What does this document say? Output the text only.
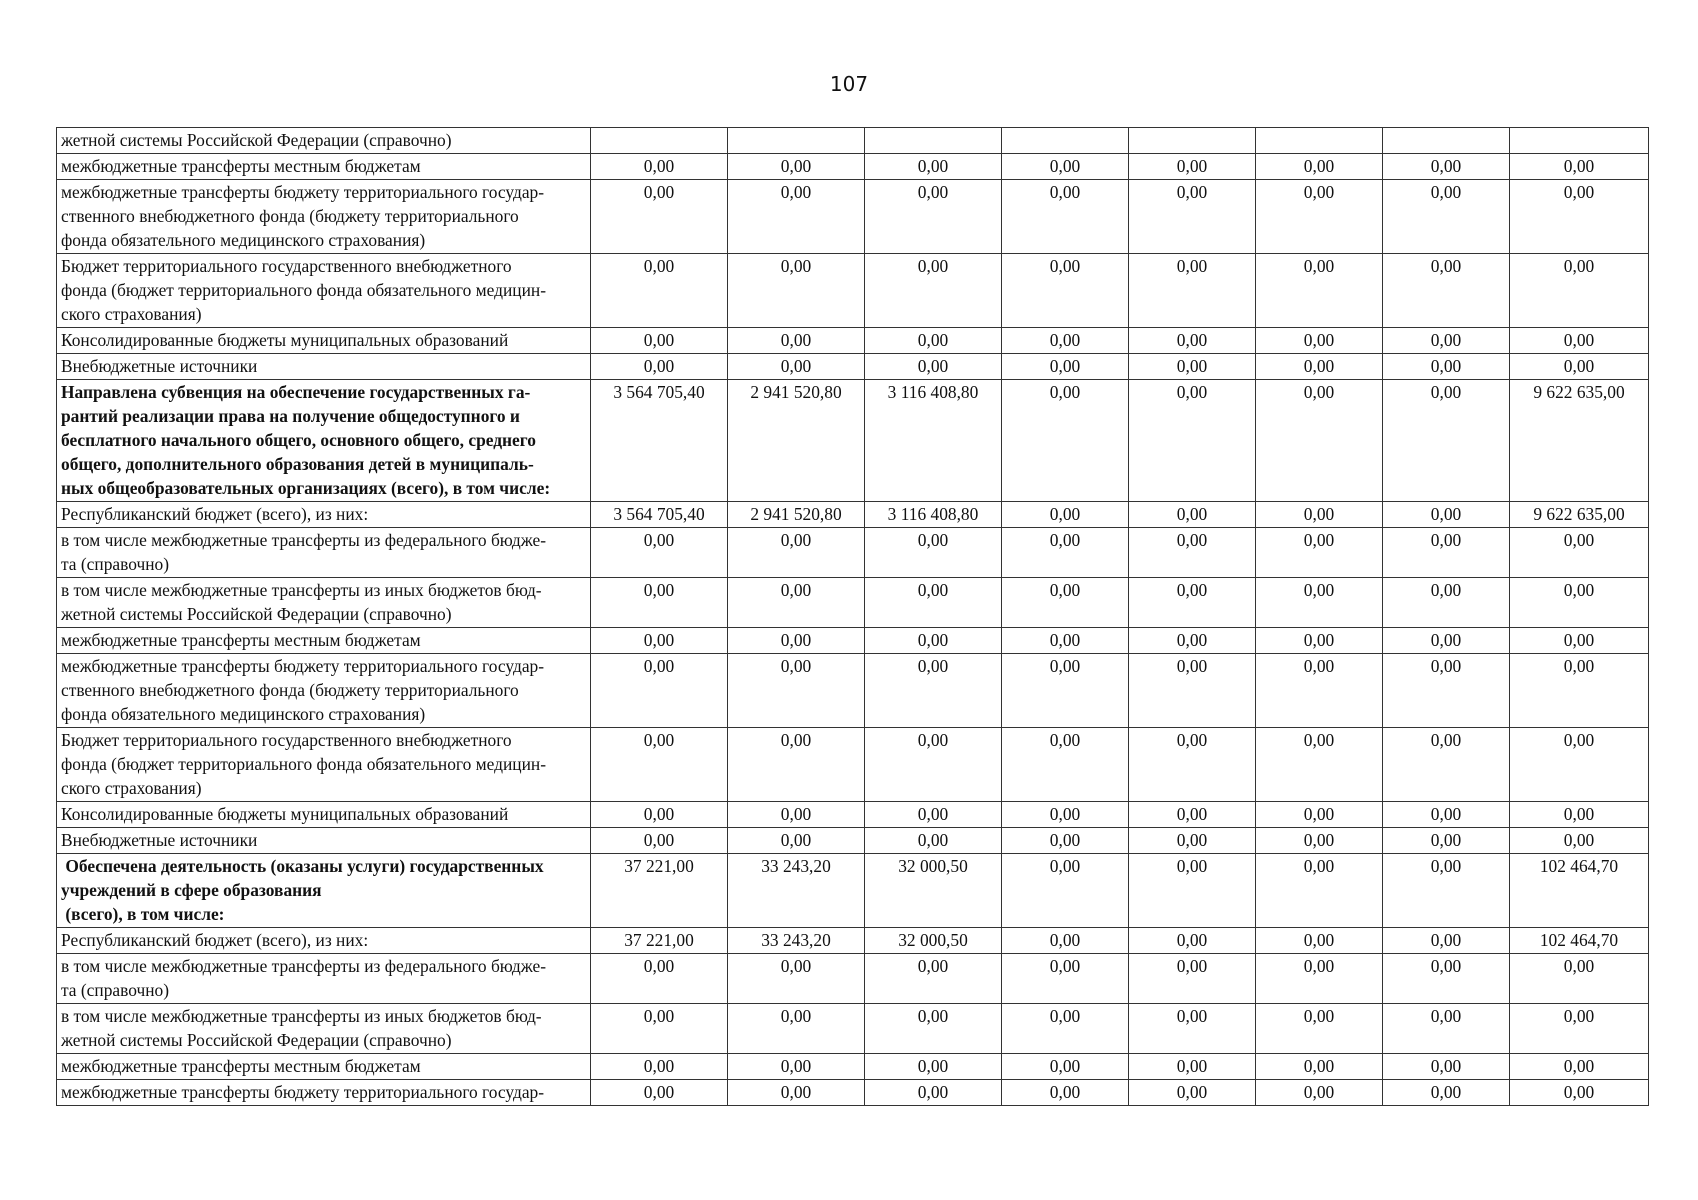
107
жетной системы Российской Федерации (справочно)								
межбюджетные трансферты местным бюджетам	0,00	0,00	0,00	0,00	0,00	0,00	0,00	0,00
межбюджетные трансферты бюджету территориального государ-
ственного внебюджетного фонда (бюджету территориального
фонда обязательного медицинского страхования)	0,00	0,00	0,00	0,00	0,00	0,00	0,00	0,00
Бюджет территориального государственного внебюджетного
фонда (бюджет территориального фонда обязательного медицин-
ского страхования)	0,00	0,00	0,00	0,00	0,00	0,00	0,00	0,00
Консолидированные бюджеты муниципальных образований	0,00	0,00	0,00	0,00	0,00	0,00	0,00	0,00
Внебюджетные источники	0,00	0,00	0,00	0,00	0,00	0,00	0,00	0,00
Направлена субвенция на обеспечение государственных га-
рантий реализации права на получение общедоступного и
бесплатного начального общего, основного общего, среднего
общего, дополнительного образования детей в муниципаль-
ных общеобразовательных организациях (всего), в том числе:	3 564 705,40	2 941 520,80	3 116 408,80	0,00	0,00	0,00	0,00	9 622 635,00
Республиканский бюджет (всего), из них:	3 564 705,40	2 941 520,80	3 116 408,80	0,00	0,00	0,00	0,00	9 622 635,00
в том числе межбюджетные трансферты из федерального бюдже-
та (справочно)	0,00	0,00	0,00	0,00	0,00	0,00	0,00	0,00
в том числе межбюджетные трансферты из иных бюджетов бюд-
жетной системы Российской Федерации (справочно)	0,00	0,00	0,00	0,00	0,00	0,00	0,00	0,00
межбюджетные трансферты местным бюджетам	0,00	0,00	0,00	0,00	0,00	0,00	0,00	0,00
межбюджетные трансферты бюджету территориального государ-
ственного внебюджетного фонда (бюджету территориального
фонда обязательного медицинского страхования)	0,00	0,00	0,00	0,00	0,00	0,00	0,00	0,00
Бюджет территориального государственного внебюджетного
фонда (бюджет территориального фонда обязательного медицин-
ского страхования)	0,00	0,00	0,00	0,00	0,00	0,00	0,00	0,00
Консолидированные бюджеты муниципальных образований	0,00	0,00	0,00	0,00	0,00	0,00	0,00	0,00
Внебюджетные источники	0,00	0,00	0,00	0,00	0,00	0,00	0,00	0,00
Обеспечена деятельность (оказаны услуги) государственных
учреждений в сфере образования
(всего), в том числе:	37 221,00	33 243,20	32 000,50	0,00	0,00	0,00	0,00	102 464,70
Республиканский бюджет (всего), из них:	37 221,00	33 243,20	32 000,50	0,00	0,00	0,00	0,00	102 464,70
в том числе межбюджетные трансферты из федерального бюдже-
та (справочно)	0,00	0,00	0,00	0,00	0,00	0,00	0,00	0,00
в том числе межбюджетные трансферты из иных бюджетов бюд-
жетной системы Российской Федерации (справочно)	0,00	0,00	0,00	0,00	0,00	0,00	0,00	0,00
межбюджетные трансферты местным бюджетам	0,00	0,00	0,00	0,00	0,00	0,00	0,00	0,00
межбюджетные трансферты бюджету территориального государ-	0,00	0,00	0,00	0,00	0,00	0,00	0,00	0,00
